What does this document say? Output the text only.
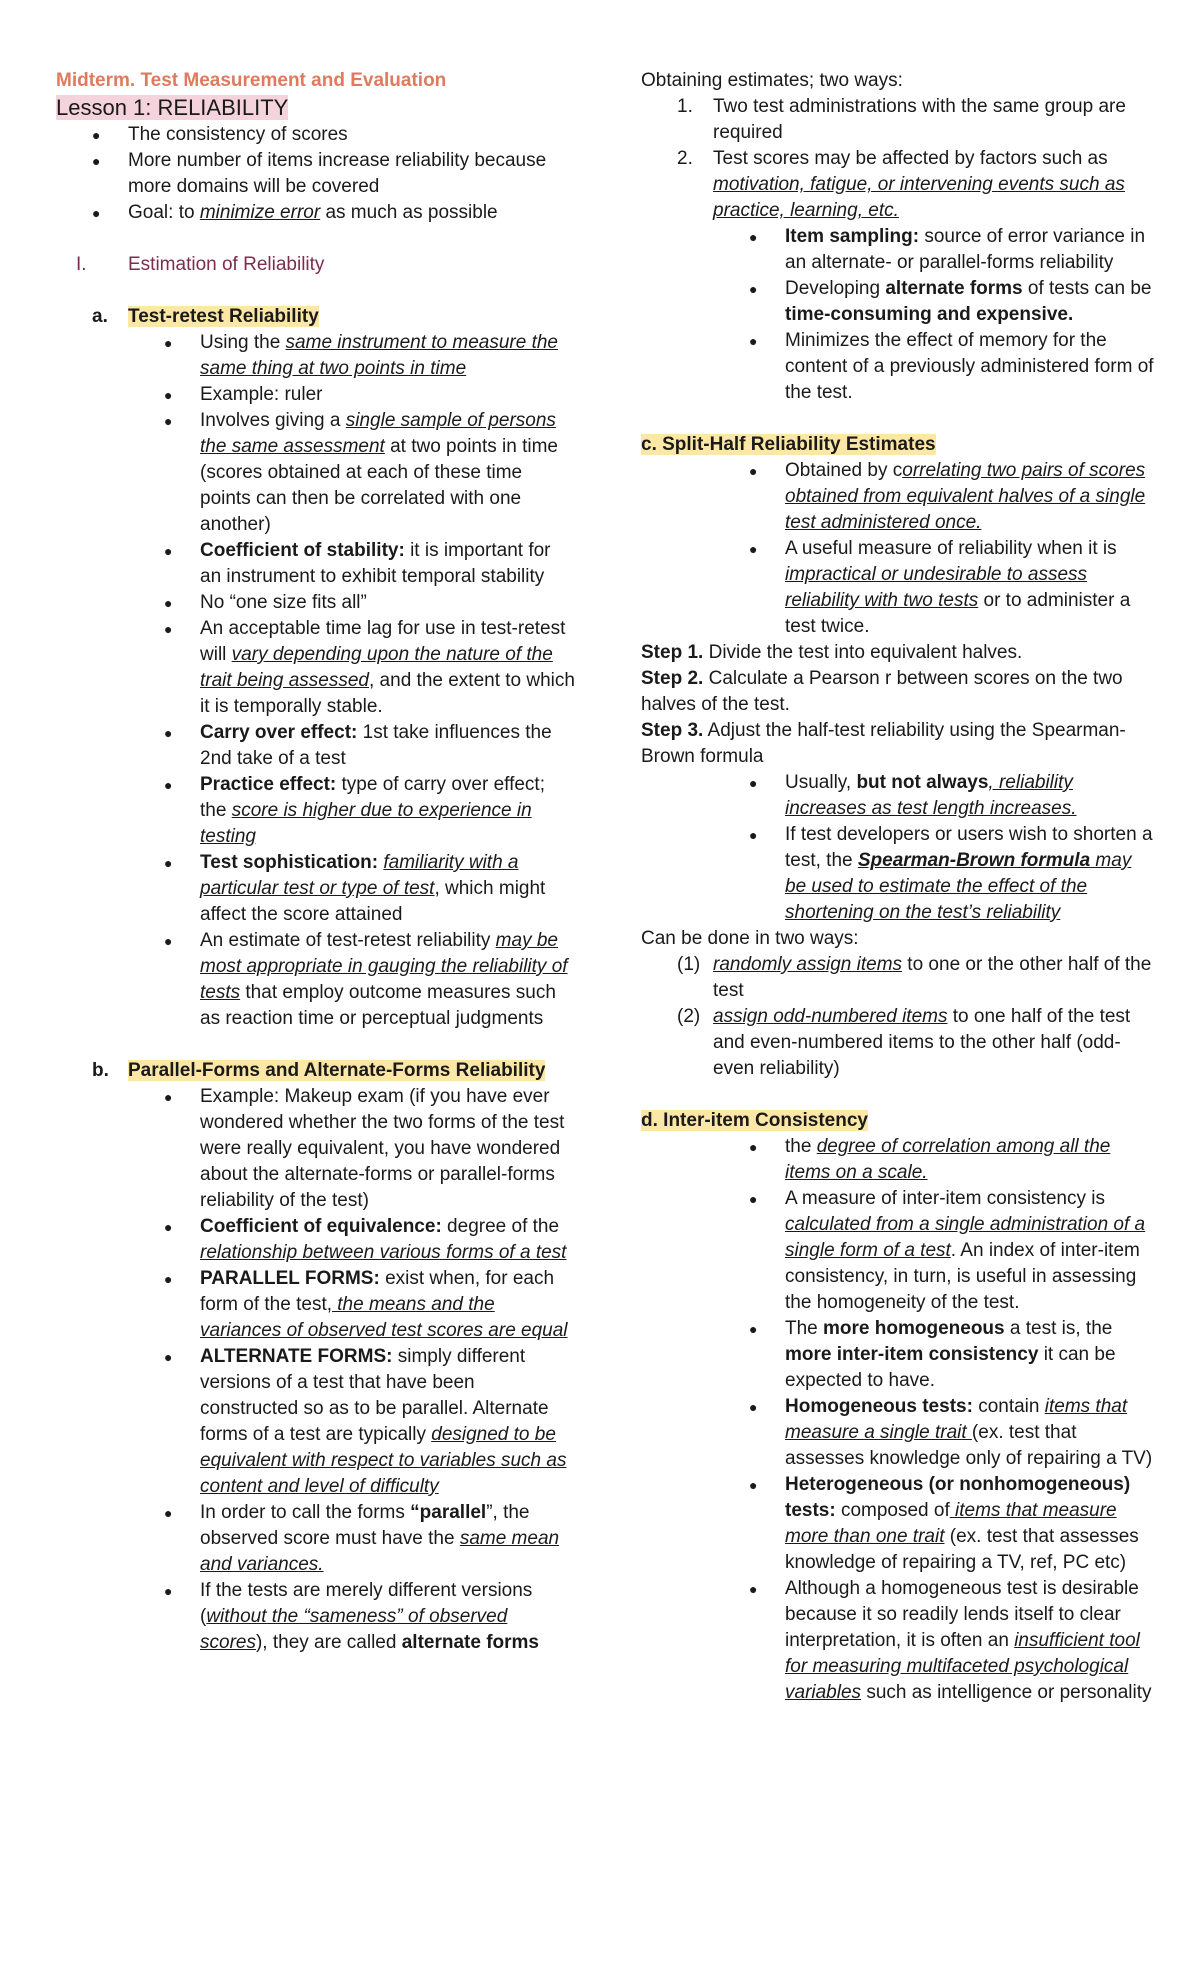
Midterm. Test Measurement and Evaluation

Lesson 1: RELIABILITY

● The consistency of scores
● More number of items increase reliability because more domains will be covered
● Goal: to minimize error as much as possible

I. Estimation of Reliability

a. Test-retest Reliability

● Using the same instrument to measure the same thing at two points in time
● Example: ruler
● Involves giving a single sample of persons the same assessment at two points in time (scores obtained at each of these time points can then be correlated with one another)
● Coefficient of stability: it is important for an instrument to exhibit temporal stability
● No “one size fits all”
● An acceptable time lag for use in test-retest will vary depending upon the nature of the trait being assessed, and the extent to which it is temporally stable.
● Carry over effect: 1st take influences the 2nd take of a test
● Practice effect: type of carry over effect; the score is higher due to experience in testing
● Test sophistication: familiarity with a particular test or type of test, which might affect the score attained
● An estimate of test-retest reliability may be most appropriate in gauging the reliability of tests that employ outcome measures such as reaction time or perceptual judgments

b. Parallel-Forms and Alternate-Forms Reliability

● Example: Makeup exam (if you have ever wondered whether the two forms of the test were really equivalent, you have wondered about the alternate-forms or parallel-forms reliability of the test)
● Coefficient of equivalence: degree of the relationship between various forms of a test
● PARALLEL FORMS: exist when, for each form of the test, the means and the variances of observed test scores are equal
● ALTERNATE FORMS: simply different versions of a test that have been constructed so as to be parallel. Alternate forms of a test are typically designed to be equivalent with respect to variables such as content and level of difficulty
● In order to call the forms “parallel”, the observed score must have the same mean and variances.
● If the tests are merely different versions (without the “sameness” of observed scores), they are called alternate forms

Obtaining estimates; two ways:

1. Two test administrations with the same group are required
2. Test scores may be affected by factors such as motivation, fatigue, or intervening events such as practice, learning, etc.
● Item sampling: source of error variance in an alternate- or parallel-forms reliability
● Developing alternate forms of tests can be time-consuming and expensive.
● Minimizes the effect of memory for the content of a previously administered form of the test.

c. Split-Half Reliability Estimates

● Obtained by correlating two pairs of scores obtained from equivalent halves of a single test administered once.
● A useful measure of reliability when it is impractical or undesirable to assess reliability with two tests or to administer a test twice.

Step 1. Divide the test into equivalent halves.

Step 2. Calculate a Pearson r between scores on the two halves of the test.

Step 3. Adjust the half-test reliability using the Spearman-Brown formula

● Usually, but not always, reliability increases as test length increases.
● If test developers or users wish to shorten a test, the Spearman-Brown formula may be used to estimate the effect of the shortening on the test’s reliability

Can be done in two ways:

(1) randomly assign items to one or the other half of the test
(2) assign odd-numbered items to one half of the test and even-numbered items to the other half (odd-even reliability)

d. Inter-item Consistency

● the degree of correlation among all the items on a scale.
● A measure of inter-item consistency is calculated from a single administration of a single form of a test. An index of inter-item consistency, in turn, is useful in assessing the homogeneity of the test.
● The more homogeneous a test is, the more inter-item consistency it can be expected to have.
● Homogeneous tests: contain items that measure a single trait (ex. test that assesses knowledge only of repairing a TV)
● Heterogeneous (or nonhomogeneous) tests: composed of items that measure more than one trait (ex. test that assesses knowledge of repairing a TV, ref, PC etc)
● Although a homogeneous test is desirable because it so readily lends itself to clear interpretation, it is often an insufficient tool for measuring multifaceted psychological variables such as intelligence or personality
